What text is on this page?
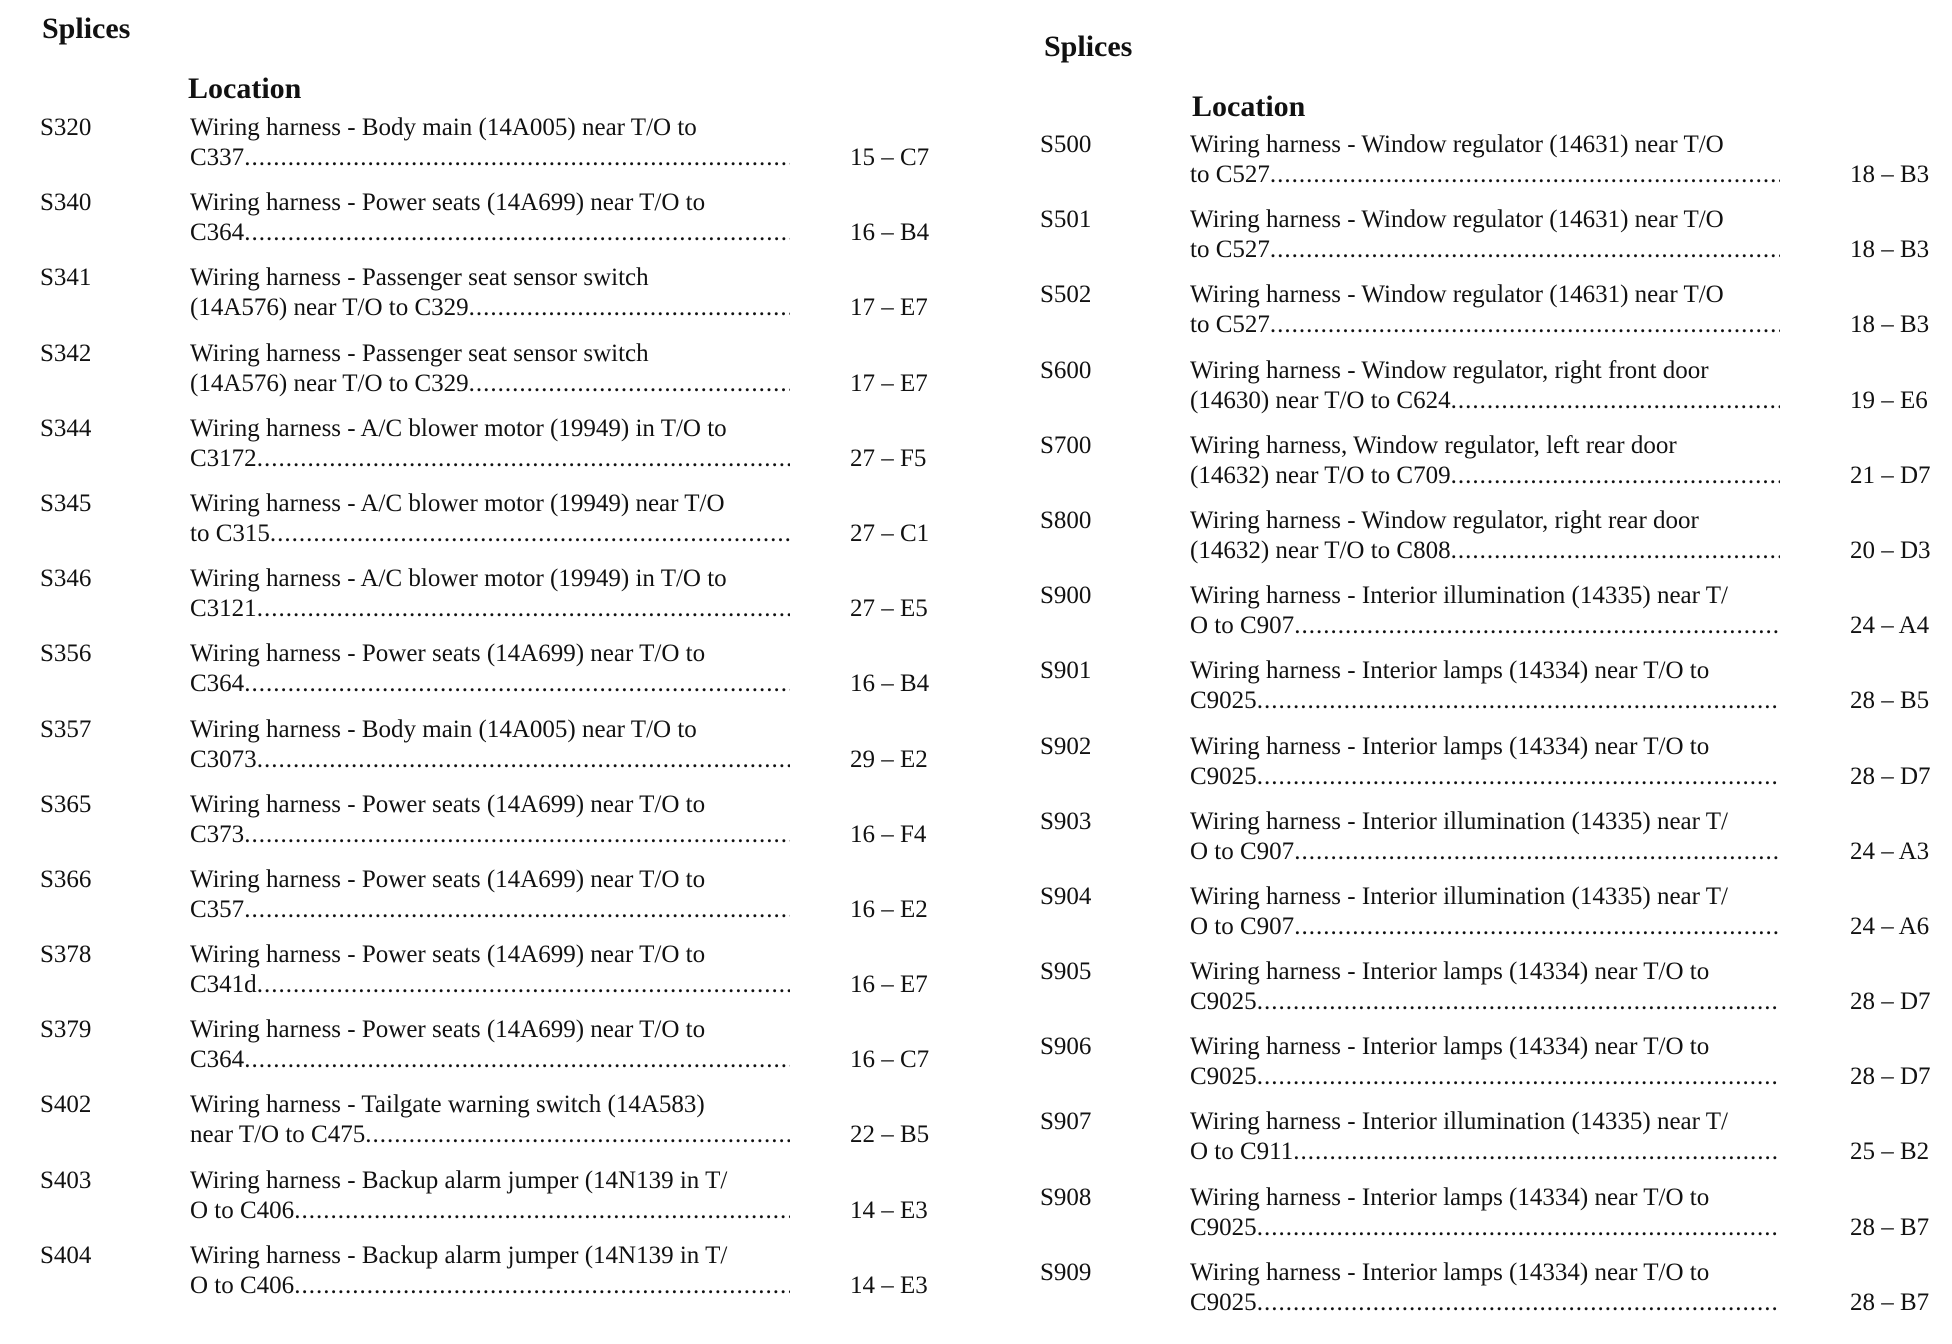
Splices
Location
S320	Wiring harness - Body main (14A005) near T/O to
C337 .....	15 – C7
S340	Wiring harness - Power seats (14A699) near T/O to
C364 .....	16 – B4
S341	Wiring harness - Passenger seat sensor switch
(14A576) near T/O to C329 .....	17 – E7
S342	Wiring harness - Passenger seat sensor switch
(14A576) near T/O to C329 .....	17 – E7
S344	Wiring harness - A/C blower motor (19949) in T/O to
C3172 .....	27 – F5
S345	Wiring harness - A/C blower motor (19949) near T/O
to C315 .....	27 – C1
S346	Wiring harness - A/C blower motor (19949) in T/O to
C3121 .....	27 – E5
S356	Wiring harness - Power seats (14A699) near T/O to
C364 .....	16 – B4
S357	Wiring harness - Body main (14A005) near T/O to
C3073 .....	29 – E2
S365	Wiring harness - Power seats (14A699) near T/O to
C373 .....	16 – F4
S366	Wiring harness - Power seats (14A699) near T/O to
C357 .....	16 – E2
S378	Wiring harness - Power seats (14A699) near T/O to
C341d .....	16 – E7
S379	Wiring harness - Power seats (14A699) near T/O to
C364 .....	16 – C7
S402	Wiring harness - Tailgate warning switch (14A583)
near T/O to C475 .....	22 – B5
S403	Wiring harness - Backup alarm jumper (14N139 in T/
O to C406 .....	14 – E3
S404	Wiring harness - Backup alarm jumper (14N139 in T/
O to C406 .....	14 – E3
Splices
Location
S500	Wiring harness - Window regulator (14631) near T/O
to C527 .....	18 – B3
S501	Wiring harness - Window regulator (14631) near T/O
to C527 .....	18 – B3
S502	Wiring harness - Window regulator (14631) near T/O
to C527 .....	18 – B3
S600	Wiring harness - Window regulator, right front door
(14630) near T/O to C624 .....	19 – E6
S700	Wiring harness, Window regulator, left rear door
(14632) near T/O to C709 .....	21 – D7
S800	Wiring harness - Window regulator, right rear door
(14632) near T/O to C808 .....	20 – D3
S900	Wiring harness - Interior illumination (14335) near T/
O to C907 .....	24 – A4
S901	Wiring harness - Interior lamps (14334) near T/O to
C9025 .....	28 – B5
S902	Wiring harness - Interior lamps (14334) near T/O to
C9025 .....	28 – D7
S903	Wiring harness - Interior illumination (14335) near T/
O to C907 .....	24 – A3
S904	Wiring harness - Interior illumination (14335) near T/
O to C907 .....	24 – A6
S905	Wiring harness - Interior lamps (14334) near T/O to
C9025 .....	28 – D7
S906	Wiring harness - Interior lamps (14334) near T/O to
C9025 .....	28 – D7
S907	Wiring harness - Interior illumination (14335) near T/
O to C911 .....	25 – B2
S908	Wiring harness - Interior lamps (14334) near T/O to
C9025 .....	28 – B7
S909	Wiring harness - Interior lamps (14334) near T/O to
C9025 .....	28 – B7
